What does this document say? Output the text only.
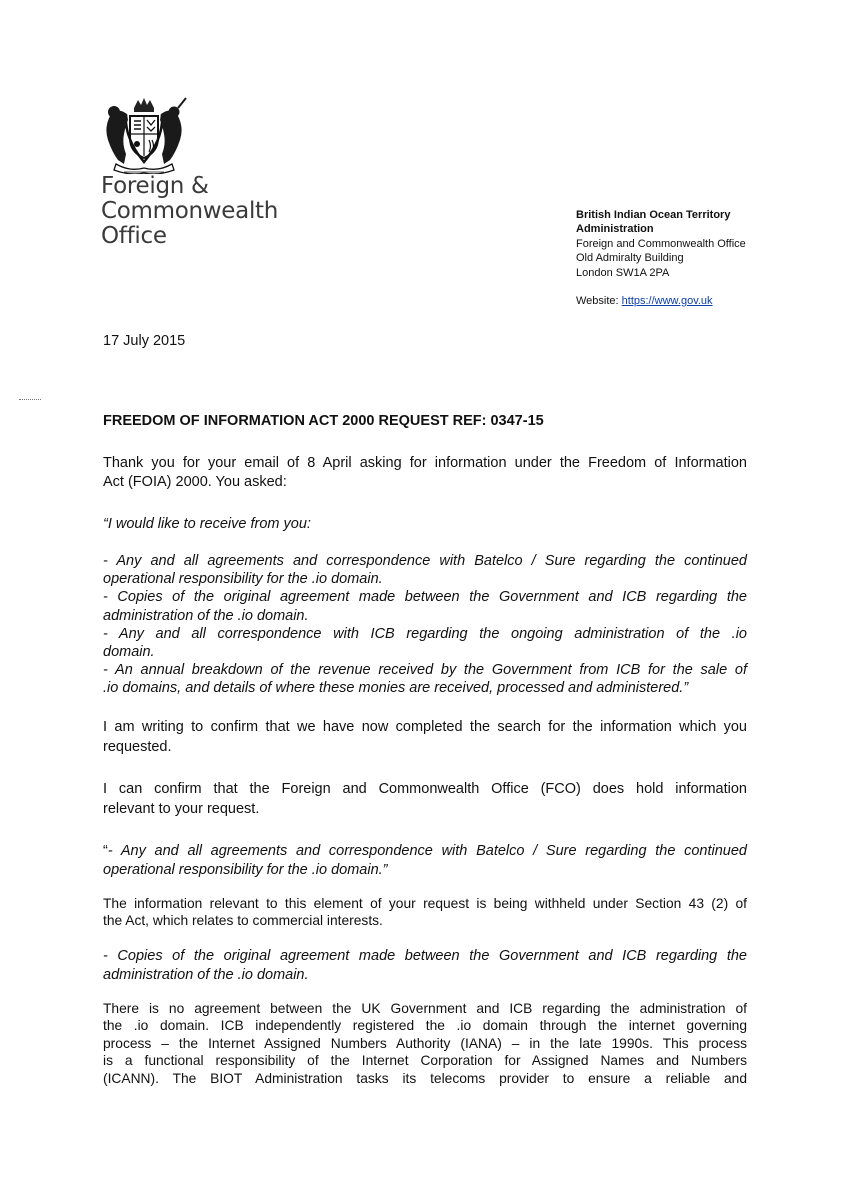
Foreign &
Commonwealth
Office
British Indian Ocean Territory
Administration
Foreign and Commonwealth Office
Old Admiralty Building
London SW1A 2PA
Website: https://www.gov.uk
17 July 2015
FREEDOM OF INFORMATION ACT 2000 REQUEST REF: 0347-15
Thank you for your email of 8 April asking for information under the Freedom of Information
Act (FOIA) 2000. You asked:
“I would like to receive from you:
- Any and all agreements and correspondence with Batelco / Sure regarding the continued
operational responsibility for the .io domain.
- Copies of the original agreement made between the Government and ICB regarding the
administration of the .io domain.
- Any and all correspondence with ICB regarding the ongoing administration of the .io
domain.
- An annual breakdown of the revenue received by the Government from ICB for the sale of
.io domains, and details of where these monies are received, processed and administered.”
I am writing to confirm that we have now completed the search for the information which you
requested.
I can confirm that the Foreign and Commonwealth Office (FCO) does hold information
relevant to your request.
“- Any and all agreements and correspondence with Batelco / Sure regarding the continued
operational responsibility for the .io domain.”
The information relevant to this element of your request is being withheld under Section 43 (2) of
the Act, which relates to commercial interests.
- Copies of the original agreement made between the Government and ICB regarding the
administration of the .io domain.
There is no agreement between the UK Government and ICB regarding the administration of
the .io domain. ICB independently registered the .io domain through the internet governing
process – the Internet Assigned Numbers Authority (IANA) – in the late 1990s. This process
is a functional responsibility of the Internet Corporation for Assigned Names and Numbers
(ICANN). The BIOT Administration tasks its telecoms provider to ensure a reliable and
